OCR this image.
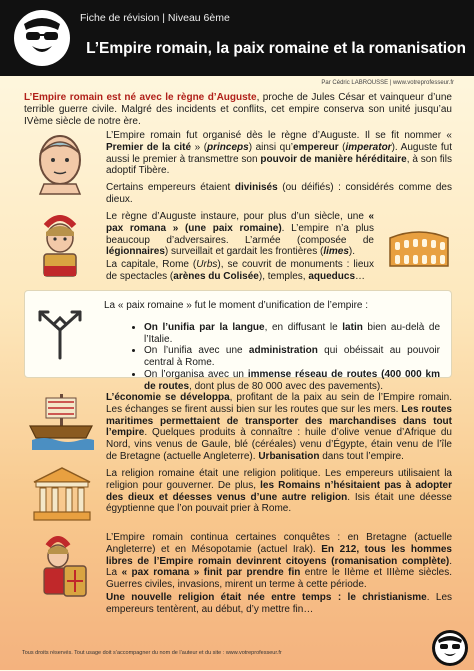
Fiche de révision | Niveau 6ème
L’Empire romain, la paix romaine et la romanisation
Par Cédric LABROUSSE | www.votreprofesseur.fr
L’Empire romain est né avec le règne d’Auguste, proche de Jules César et vainqueur d’une terrible guerre civile. Malgré des incidents et conflits, cet empire conserva son unité jusqu’au IVème siècle de notre ère.
L’Empire romain fut organisé dès le règne d’Auguste. Il se fit nommer « Premier de la cité » (princeps) ainsi qu’empereur (imperator). Auguste fut aussi le premier à transmettre son pouvoir de manière héréditaire, à son fils adoptif Tibère.
Certains empereurs étaient divinisés (ou déifiés) : considérés comme des dieux.
Le règne d’Auguste instaure, pour plus d’un siècle, une « pax romana » (une paix romaine). L’empire n’a plus beaucoup d’adversaires. L’armée (composée de légionnaires) surveillait et gardait les frontières (limes).
La capitale, Rome (Urbs), se couvrit de monuments : lieux de spectacles (arènes du Colisée), temples, aqueducs…
La « paix romaine » fut le moment d’unification de l’empire :
• On l’unifia par la langue, en diffusant le latin bien au-delà de l’Italie.
• On l’unifia avec une administration qui obéissait au pouvoir central à Rome.
• On l’organisa avec un immense réseau de routes (400 000 km de routes, dont plus de 80 000 avec des pavements).
L’économie se développa, profitant de la paix au sein de l’Empire romain. Les échanges se firent aussi bien sur les routes que sur les mers. Les routes maritimes permettaient de transporter des marchandises dans tout l’empire. Quelques produits à connaître : huile d’olive venue d’Afrique du Nord, vins venus de Gaule, blé (céréales) venu d’Égypte, étain venu de l’île de Bretagne (actuelle Angleterre). Urbanisation dans tout l’empire.
La religion romaine était une religion politique. Les empereurs utilisaient la religion pour gouverner. De plus, les Romains n’hésitaient pas à adopter des dieux et déesses venus d’une autre religion. Isis était une déesse égyptienne que l’on pouvait prier à Rome.
L’Empire romain continua certaines conquêtes : en Bretagne (actuelle Angleterre) et en Mésopotamie (actuel Irak). En 212, tous les hommes libres de l’Empire romain devinrent citoyens (romanisation complète). La « pax romana » finit par prendre fin entre le IIème et IIIème siècles. Guerres civiles, invasions, mirent un terme à cette période.
Une nouvelle religion était née entre temps : le christianisme. Les empereurs tentèrent, au début, d’y mettre fin…
Tous droits réservés. Tout usage doit s’accompagner du nom de l’auteur et du site : www.votreprofesseur.fr
